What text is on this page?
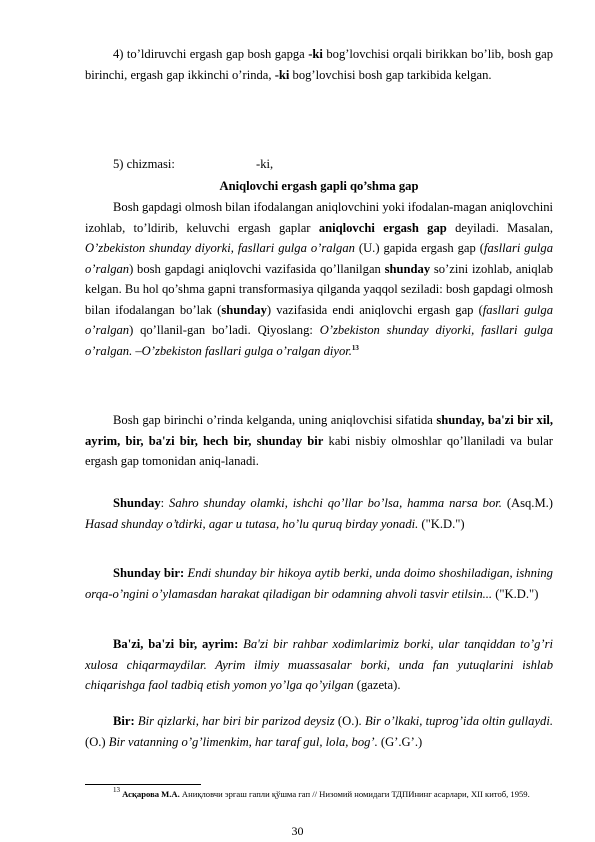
4) to’ldiruvchi ergash gap bosh gapga -ki bog’lovchisi orqali birikkan bo’lib, bosh gap birinchi, ergash gap ikkinchi o’rinda, -ki bog’lovchisi bosh gap tarkibida kelgan.

5) chizmasi:	-ki,
Aniqlovchi ergash gapli qo’shma gap

Bosh gapdagi olmosh bilan ifodalangan aniqlovchini yoki ifodalan-magan aniqlovchini izohlab, to’ldirib, keluvchi ergash gaplar aniqlovchi ergash gap deyiladi. Masalan, O’zbekiston shunday diyorki, fasllari gulga o’ralgan (U.) gapida ergash gap (fasllari gulga o’ralgan) bosh gapdagi aniqlovchi vazifasida qo’llanilgan shunday so’zini izohlab, aniqlab kelgan. Bu hol qo’shma gapni transformasiya qilganda yaqqol seziladi: bosh gapdagi olmosh bilan ifodalangan bo’lak (shunday) vazifasida endi aniqlovchi ergash gap (fasllari gulga o’ralgan) qo’llanil-gan bo’ladi. Qiyoslang: O’zbekiston shunday diyorki, fasllari gulga o’ralgan. –O’zbekiston fasllari gulga o’ralgan diyor.$^{13}$

Bosh gap birinchi o’rinda kelganda, uning aniqlovchisi sifatida shunday, ba'zi bir xil, ayrim, bir, ba'zi bir, hech bir, shunday bir kabi nisbiy olmoshlar qo’llaniladi va bular ergash gap tomonidan aniq-lanadi.

Shunday: Sahro shunday olamki, ishchi qo’llar bo’lsa, hamma narsa bor. (Asq.M.) Hasad shunday o’tdirki, agar u tutasa, ho’lu quruq birday yonadi. ("K.D.")

Shunday bir: Endi shunday bir hikoya aytib berki, unda doimo shoshiladigan, ishning orqa-o’ngini o’ylamasdan harakat qiladigan bir odamning ahvoli tasvir etilsin... ("K.D.")

Ba'zi, ba'zi bir, ayrim: Ba'zi bir rahbar xodimlarimiz borki, ular tanqiddan to’g’ri xulosa chiqarmaydilar. Ayrim ilmiy muassasalar borki, unda fan yutuqlarini ishlab chiqarishga faol tadbiq etish yomon yo’lga qo’yilgan (gazeta).

Bir: Bir qizlarki, har biri bir parizod deysiz (O.). Bir o’lkaki, tuprog’ida oltin gullaydi. (O.) Bir vatanning o’g’limenkim, har taraf gul, lola, bog’. (G’.G’.)

$^{13}$ Асқарова М.А. Аниқловчи эргаш гапли қўшма гап // Низомий номидаги ТДПИнинг асарлари, XII китоб, 1959.

30
